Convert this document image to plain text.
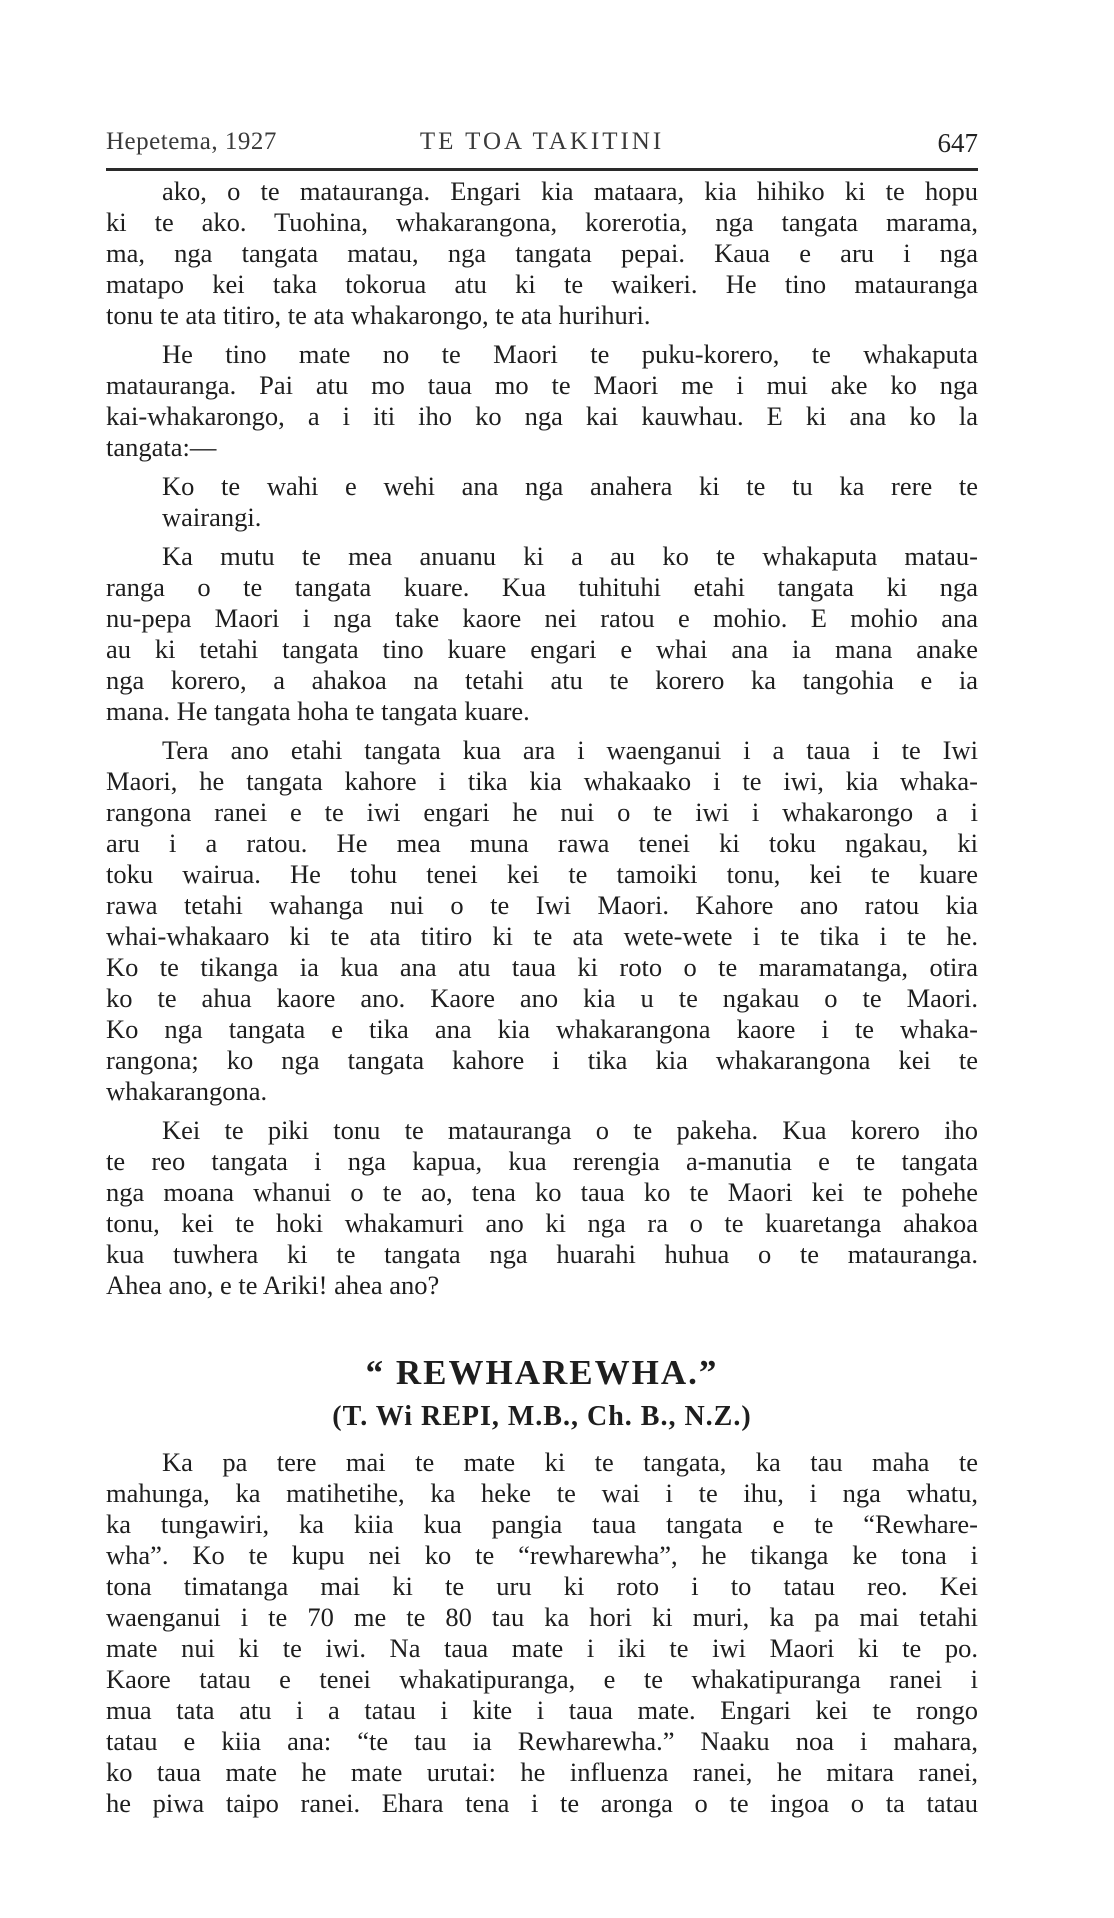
Hepetema, 1927	TE TOA TAKITINI	647
ako, o te matauranga. Engari kia mataara, kia hihiko ki te hopu
ki te ako. Tuohina, whakarangona, korerotia, nga tangata marama,
ma, nga tangata matau, nga tangata pepai. Kaua e aru i nga
matapo kei taka tokorua atu ki te waikeri. He tino matauranga
tonu te ata titiro, te ata whakarongo, te ata hurihuri.
He tino mate no te Maori te puku-korero, te whakaputa
matauranga. Pai atu mo taua mo te Maori me i mui ake ko nga
kai-whakarongo, a i iti iho ko nga kai kauwhau. E ki ana ko la
tangata:—
Ko te wahi e wehi ana nga anahera ki te tu ka rere te
wairangi.
Ka mutu te mea anuanu ki a au ko te whakaputa matau-
ranga o te tangata kuare. Kua tuhituhi etahi tangata ki nga
nu-pepa Maori i nga take kaore nei ratou e mohio. E mohio ana
au ki tetahi tangata tino kuare engari e whai ana ia mana anake
nga korero, a ahakoa na tetahi atu te korero ka tangohia e ia
mana. He tangata hoha te tangata kuare.
Tera ano etahi tangata kua ara i waenganui i a taua i te Iwi
Maori, he tangata kahore i tika kia whakaako i te iwi, kia whaka-
rangona ranei e te iwi engari he nui o te iwi i whakarongo a i
aru i a ratou. He mea muna rawa tenei ki toku ngakau, ki
toku wairua. He tohu tenei kei te tamoiki tonu, kei te kuare
rawa tetahi wahanga nui o te Iwi Maori. Kahore ano ratou kia
whai-whakaaro ki te ata titiro ki te ata wete-wete i te tika i te he.
Ko te tikanga ia kua ana atu taua ki roto o te maramatanga, otira
ko te ahua kaore ano. Kaore ano kia u te ngakau o te Maori.
Ko nga tangata e tika ana kia whakarangona kaore i te whaka-
rangona; ko nga tangata kahore i tika kia whakarangona kei te
whakarangona.
Kei te piki tonu te matauranga o te pakeha. Kua korero iho
te reo tangata i nga kapua, kua rerengia a-manutia e te tangata
nga moana whanui o te ao, tena ko taua ko te Maori kei te pohehe
tonu, kei te hoki whakamuri ano ki nga ra o te kuaretanga ahakoa
kua tuwhera ki te tangata nga huarahi huhua o te matauranga.
Ahea ano, e te Ariki! ahea ano?
“ REWHAREWHA.”
(T. Wi REPI, M.B., Ch. B., N.Z.)
Ka pa tere mai te mate ki te tangata, ka tau maha te
mahunga, ka matihetihe, ka heke te wai i te ihu, i nga whatu,
ka tungawiri, ka kiia kua pangia taua tangata e te “Rewhare-
wha”. Ko te kupu nei ko te “rewharewha”, he tikanga ke tona i
tona timatanga mai ki te uru ki roto i to tatau reo. Kei
waenganui i te 70 me te 80 tau ka hori ki muri, ka pa mai tetahi
mate nui ki te iwi. Na taua mate i iki te iwi Maori ki te po.
Kaore tatau e tenei whakatipuranga, e te whakatipuranga ranei i
mua tata atu i a tatau i kite i taua mate. Engari kei te rongo
tatau e kiia ana: “te tau ia Rewharewha.” Naaku noa i mahara,
ko taua mate he mate urutai: he influenza ranei, he mitara ranei,
he piwa taipo ranei. Ehara tena i te aronga o te ingoa o ta tatau
